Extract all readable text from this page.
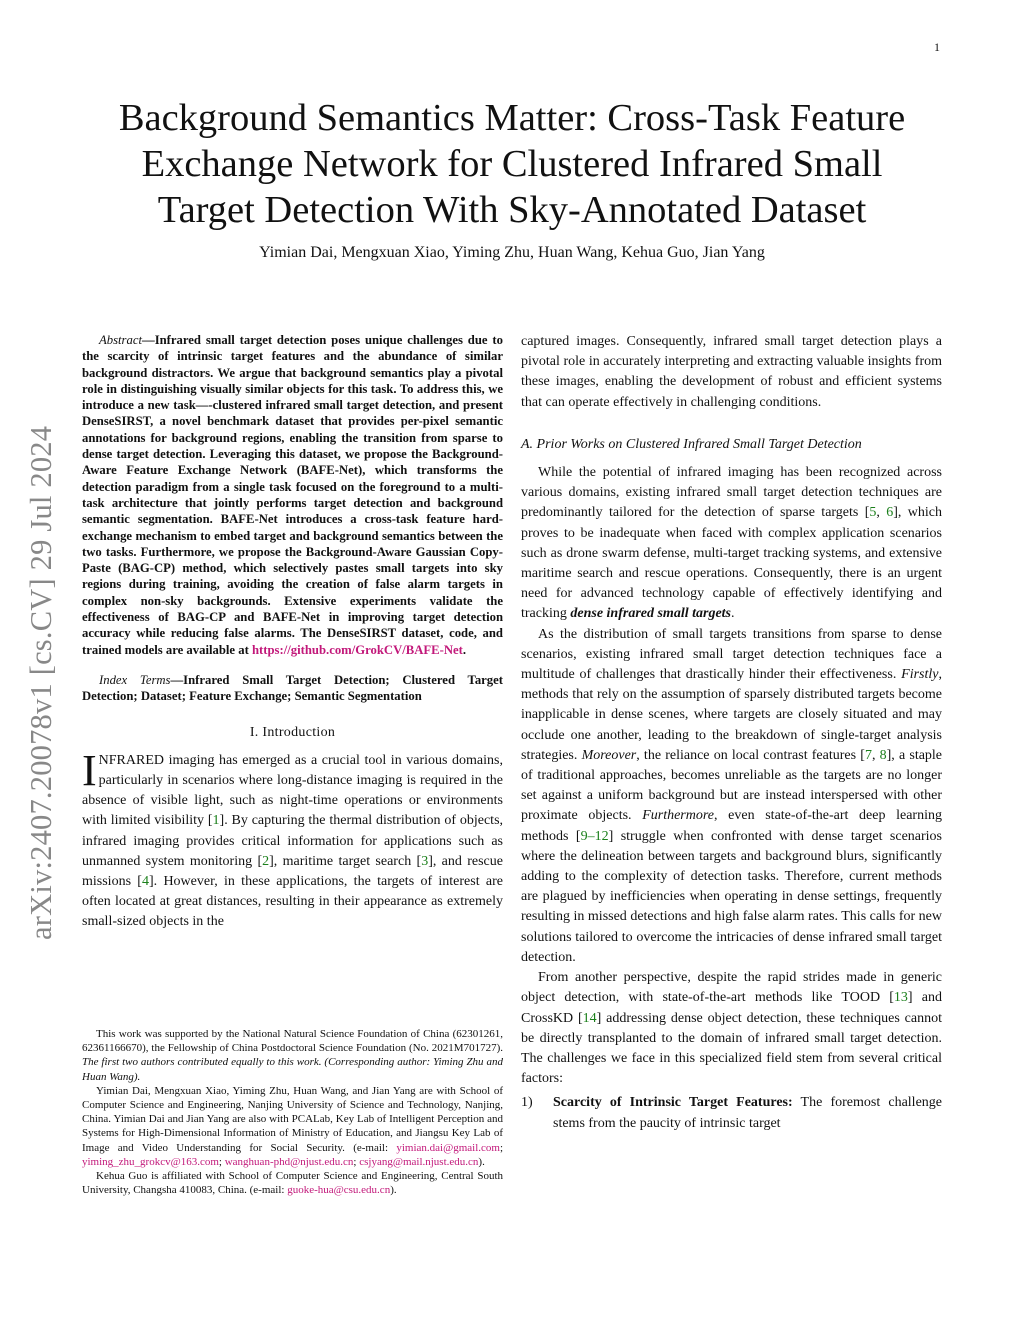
1
arXiv:2407.20078v1 [cs.CV] 29 Jul 2024
Background Semantics Matter: Cross-Task Feature
Exchange Network for Clustered Infrared Small
Target Detection With Sky-Annotated Dataset
Yimian Dai, Mengxuan Xiao, Yiming Zhu, Huan Wang, Kehua Guo, Jian Yang

Abstract—Infrared small target detection poses unique challenges due to the scarcity of intrinsic target features and the abundance of similar background distractors. We argue that background semantics play a pivotal role in distinguishing visually similar objects for this task. To address this, we introduce a new task—-clustered infrared small target detection, and present DenseSIRST, a novel benchmark dataset that provides per-pixel semantic annotations for background regions, enabling the transition from sparse to dense target detection. Leveraging this dataset, we propose the Background-Aware Feature Exchange Network (BAFE-Net), which transforms the detection paradigm from a single task focused on the foreground to a multi-task architecture that jointly performs target detection and background semantic segmentation. BAFE-Net introduces a cross-task feature hard-exchange mechanism to embed target and background semantics between the two tasks. Furthermore, we propose the Background-Aware Gaussian Copy-Paste (BAG-CP) method, which selectively pastes small targets into sky regions during training, avoiding the creation of false alarm targets in complex non-sky backgrounds. Extensive experiments validate the effectiveness of BAG-CP and BAFE-Net in improving target detection accuracy while reducing false alarms. The DenseSIRST dataset, code, and trained models are available at https://github.com/GrokCV/BAFE-Net.

Index Terms—Infrared Small Target Detection; Clustered Target Detection; Dataset; Feature Exchange; Semantic Segmentation

I. Introduction

INFRARED imaging has emerged as a crucial tool in various domains, particularly in scenarios where long-distance imaging is required in the absence of visible light, such as night-time operations or environments with limited visibility [1]. By capturing the thermal distribution of objects, infrared imaging provides critical information for applications such as unmanned system monitoring [2], maritime target search [3], and rescue missions [4]. However, in these applications, the targets of interest are often located at great distances, resulting in their appearance as extremely small-sized objects in the

This work was supported by the National Natural Science Foundation of China (62301261, 62361166670), the Fellowship of China Postdoctoral Science Foundation (No. 2021M701727). The first two authors contributed equally to this work. (Corresponding author: Yiming Zhu and Huan Wang).

Yimian Dai, Mengxuan Xiao, Yiming Zhu, Huan Wang, and Jian Yang are with School of Computer Science and Engineering, Nanjing University of Science and Technology, Nanjing, China. Yimian Dai and Jian Yang are also with PCALab, Key Lab of Intelligent Perception and Systems for High-Dimensional Information of Ministry of Education, and Jiangsu Key Lab of Image and Video Understanding for Social Security. (e-mail: yimian.dai@gmail.com; yiming_zhu_grokcv@163.com; wanghuan-phd@njust.edu.cn; csjyang@mail.njust.edu.cn).

Kehua Guo is affiliated with School of Computer Science and Engineering, Central South University, Changsha 410083, China. (e-mail: guoke-hua@csu.edu.cn).

captured images. Consequently, infrared small target detection plays a pivotal role in accurately interpreting and extracting valuable insights from these images, enabling the development of robust and efficient systems that can operate effectively in challenging conditions.

A. Prior Works on Clustered Infrared Small Target Detection

While the potential of infrared imaging has been recognized across various domains, existing infrared small target detection techniques are predominantly tailored for the detection of sparse targets [5, 6], which proves to be inadequate when faced with complex application scenarios such as drone swarm defense, multi-target tracking systems, and extensive maritime search and rescue operations. Consequently, there is an urgent need for advanced technology capable of effectively identifying and tracking dense infrared small targets.

As the distribution of small targets transitions from sparse to dense scenarios, existing infrared small target detection techniques face a multitude of challenges that drastically hinder their effectiveness. Firstly, methods that rely on the assumption of sparsely distributed targets become inapplicable in dense scenes, where targets are closely situated and may occlude one another, leading to the breakdown of single-target analysis strategies. Moreover, the reliance on local contrast features [7, 8], a staple of traditional approaches, becomes unreliable as the targets are no longer set against a uniform background but are instead interspersed with other proximate objects. Furthermore, even state-of-the-art deep learning methods [9–12] struggle when confronted with dense target scenarios where the delineation between targets and background blurs, significantly adding to the complexity of detection tasks. Therefore, current methods are plagued by inefficiencies when operating in dense settings, frequently resulting in missed detections and high false alarm rates. This calls for new solutions tailored to overcome the intricacies of dense infrared small target detection.

From another perspective, despite the rapid strides made in generic object detection, with state-of-the-art methods like TOOD [13] and CrossKD [14] addressing dense object detection, these techniques cannot be directly transplanted to the domain of infrared small target detection. The challenges we face in this specialized field stem from several critical factors:

1)	Scarcity of Intrinsic Target Features: The foremost challenge stems from the paucity of intrinsic target
